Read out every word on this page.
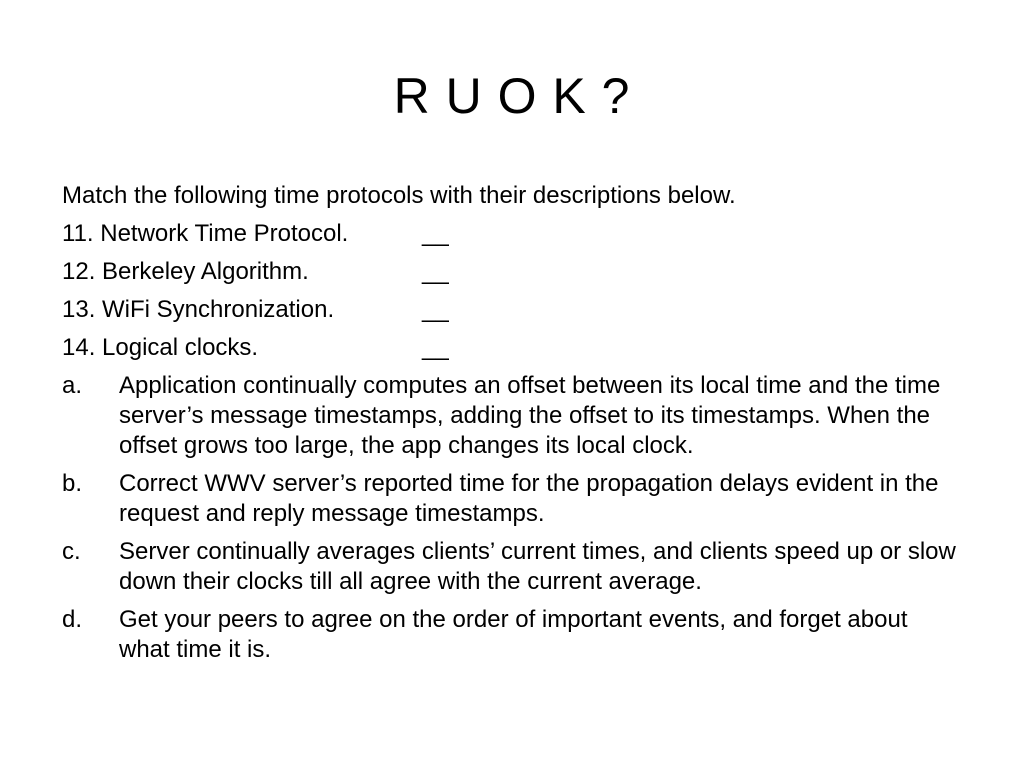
R U O K ?
Match the following time protocols with their descriptions below.
11. Network Time Protocol.	__
12. Berkeley Algorithm.	__
13. WiFi Synchronization.	__
14. Logical clocks.	__
a. Application continually computes an offset between its local time and the time server’s message timestamps, adding the offset to its timestamps. When the offset grows too large, the app changes its local clock.
b. Correct WWV server’s reported time for the propagation delays evident in the request and reply message timestamps.
c. Server continually averages clients’ current times, and clients speed up or slow down their clocks till all agree with the current average.
d. Get your peers to agree on the order of important events, and forget about what time it is.
